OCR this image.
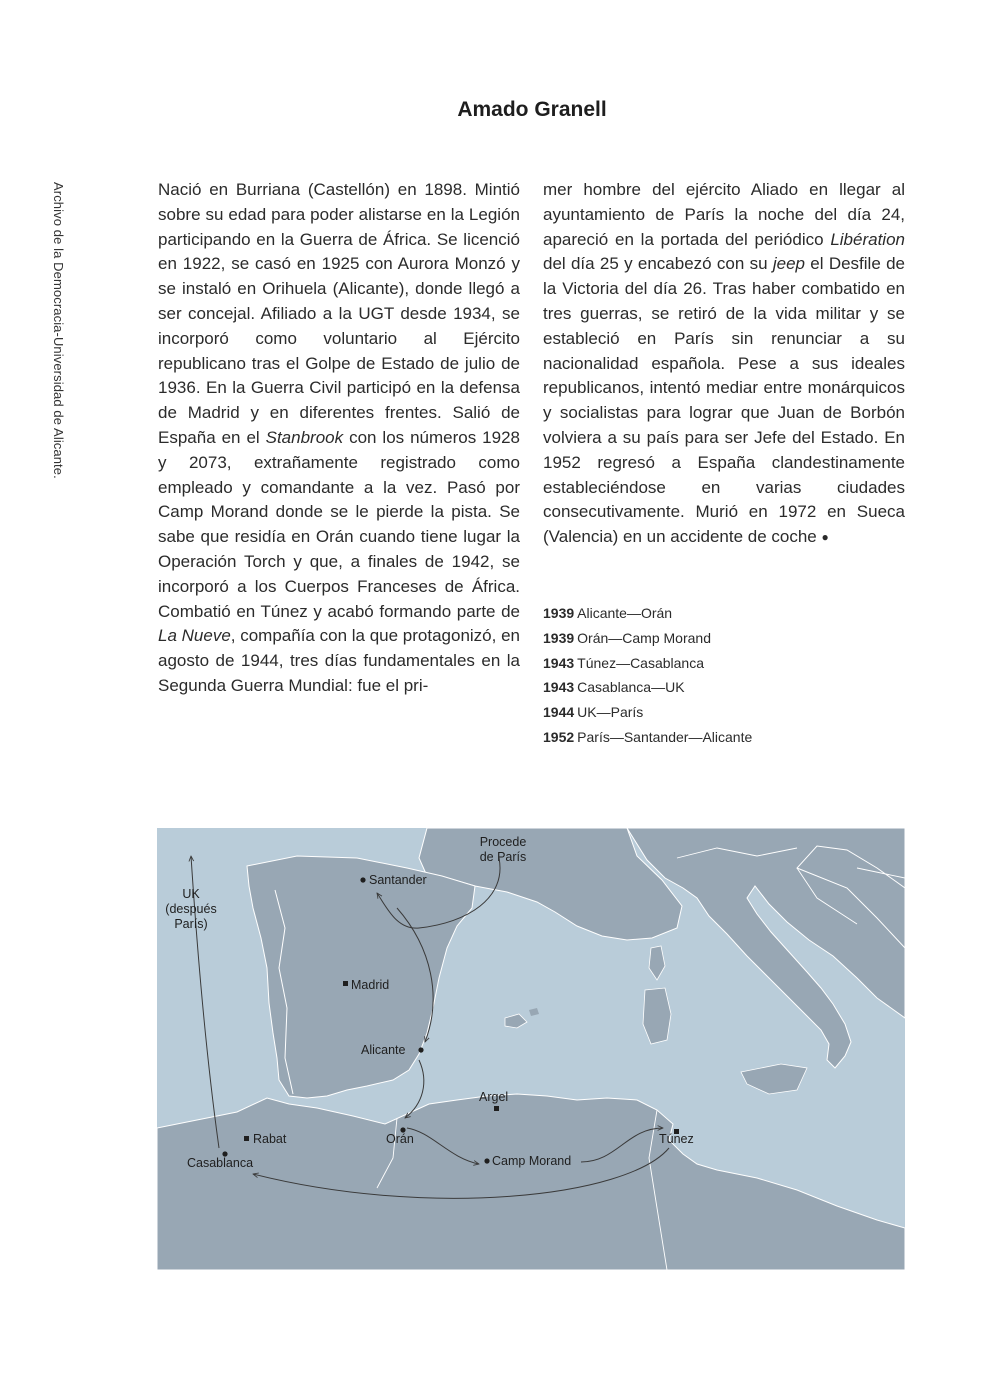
Archivo de la Democracia-Universidad de Alicante.
Amado Granell

Nació en Burriana (Castellón) en 1898. Mintió sobre su edad para poder alistarse en la Legión participando en la Guerra de África. Se licenció en 1922, se casó en 1925 con Aurora Monzó y se instaló en Orihuela (Alicante), donde llegó a ser concejal. Afiliado a la UGT desde 1934, se incorporó como voluntario al Ejército republicano tras el Golpe de Estado de julio de 1936. En la Guerra Civil participó en la defensa de Madrid y en diferentes frentes. Salió de España en el Stanbrook con los números 1928 y 2073, extrañamente registrado como empleado y comandante a la vez. Pasó por Camp Morand donde se le pierde la pista. Se sabe que residía en Orán cuando tiene lugar la Operación Torch y que, a finales de 1942, se incorporó a los Cuerpos Franceses de África. Combatió en Túnez y acabó formando parte de La Nueve, compañía con la que protagonizó, en agosto de 1944, tres días fundamentales en la Segunda Guerra Mundial: fue el pri-

mer hombre del ejército Aliado en llegar al ayuntamiento de París la noche del día 24, apareció en la portada del periódico Libération del día 25 y encabezó con su jeep el Desfile de la Victoria del día 26. Tras haber combatido en tres guerras, se retiró de la vida militar y se estableció en París sin renunciar a su nacionalidad española. Pese a sus ideales republicanos, intentó mediar entre monárquicos y socialistas para lograr que Juan de Borbón volviera a su país para ser Jefe del Estado. En 1952 regresó a España clandestinamente estableciéndose en varias ciudades consecutivamente. Murió en 1972 en Sueca (Valencia) en un accidente de coche ●

1939 Alicante—Orán
1939 Orán—Camp Morand
1943 Túnez—Casablanca
1943 Casablanca—UK
1944 UK—París
1952 París—Santander—Alicante
Procede
de París
UK
(después
París)
Santander
Madrid
Alicante
Argel
Orán
Rabat
Casablanca	Camp Morand
Túnez
